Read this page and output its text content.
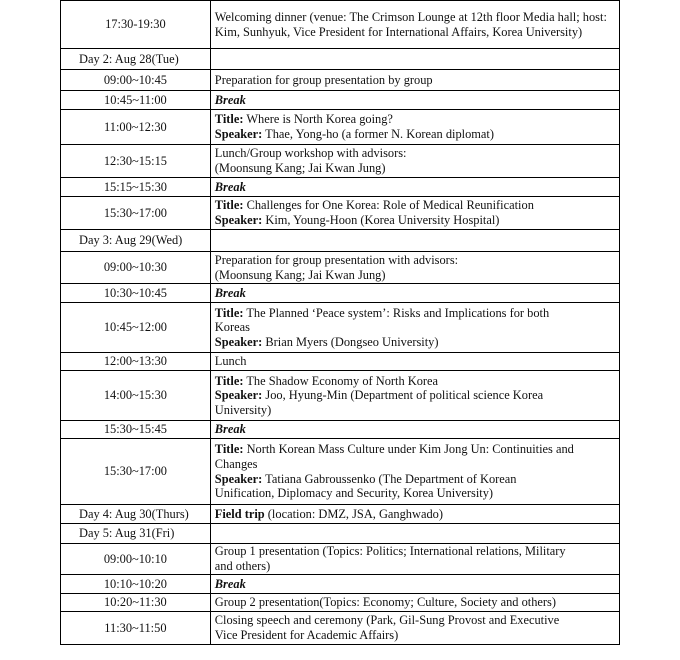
17:30-19:30	Welcoming dinner (venue: The Crimson Lounge at 12th floor Media hall; host: Kim, Sunhyuk, Vice President for International Affairs, Korea University)

Day 2: Aug 28(Tue)	
09:00~10:45	Preparation for group presentation by group

10:45~11:00	Break

11:00~12:30	Title: Where is North Korea going?
Speaker: Thae, Yong-ho (a former N. Korean diplomat)

12:30~15:15	Lunch/Group workshop with advisors:
(Moonsung Kang; Jai Kwan Jung)

15:15~15:30	Break

15:30~17:00	Title: Challenges for One Korea: Role of Medical Reunification
Speaker: Kim, Young-Hoon (Korea University Hospital)

Day 3: Aug 29(Wed)	
09:00~10:30	Preparation for group presentation with advisors:
(Moonsung Kang; Jai Kwan Jung)

10:30~10:45	Break

10:45~12:00	Title: The Planned ‘Peace system’: Risks and Implications for both
Koreas
Speaker: Brian Myers (Dongseo University)

12:00~13:30	Lunch

14:00~15:30	Title: The Shadow Economy of North Korea
Speaker: Joo, Hyung-Min (Department of political science Korea
University)

15:30~15:45	Break

15:30~17:00	Title: North Korean Mass Culture under Kim Jong Un: Continuities and
Changes
Speaker: Tatiana Gabroussenko (The Department of Korean
Unification, Diplomacy and Security, Korea University)

Day 4: Aug 30(Thurs)	Field trip (location: DMZ, JSA, Ganghwado)

Day 5: Aug 31(Fri)	
09:00~10:10	Group 1 presentation (Topics: Politics; International relations, Military
and others)

10:10~10:20	Break

10:20~11:30	Group 2 presentation(Topics: Economy; Culture, Society and others)

11:30~11:50	Closing speech and ceremony (Park, Gil-Sung Provost and Executive
Vice President for Academic Affairs)
